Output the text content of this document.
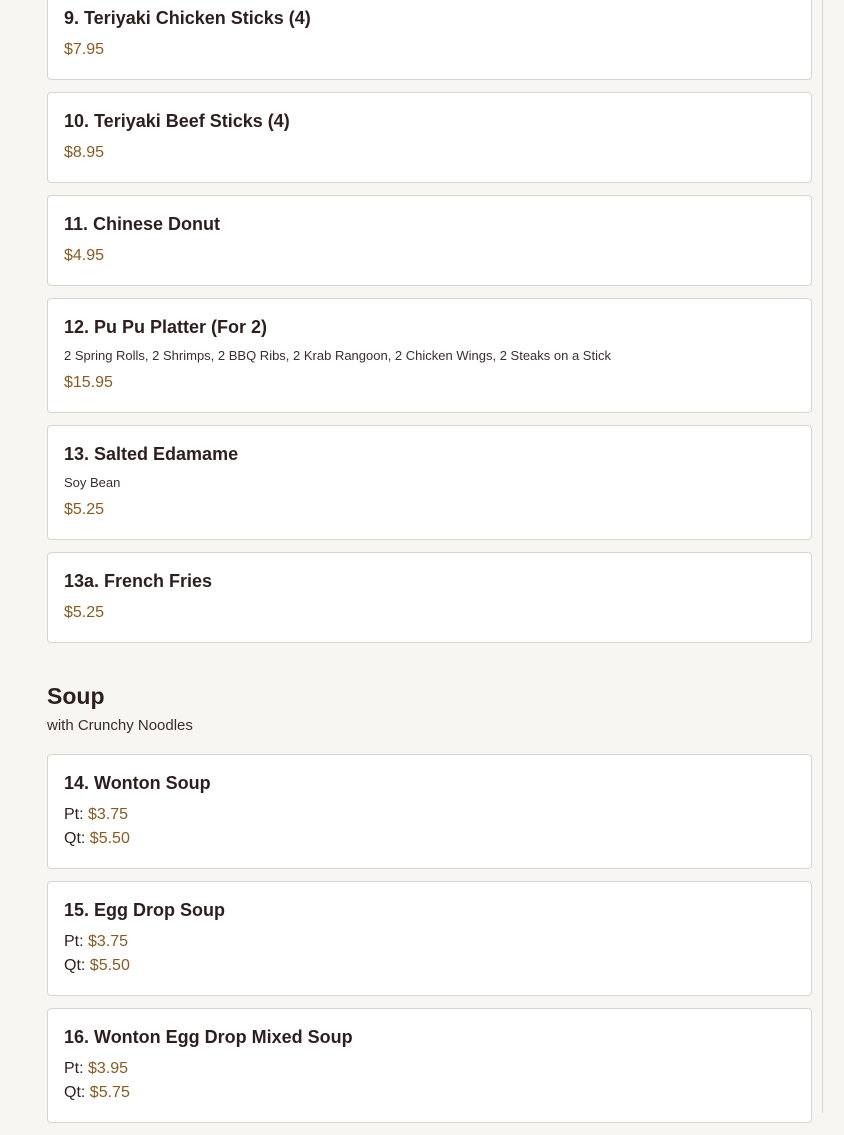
9. Teriyaki Chicken Sticks (4)
$7.95
10. Teriyaki Beef Sticks (4)
$8.95
11. Chinese Donut
$4.95
12. Pu Pu Platter (For 2)
2 Spring Rolls, 2 Shrimps, 2 BBQ Ribs, 2 Krab Rangoon, 2 Chicken Wings, 2 Steaks on a Stick
$15.95
13. Salted Edamame
Soy Bean
$5.25
13a. French Fries
$5.25
Soup
with Crunchy Noodles
14. Wonton Soup
Pt: $3.75
Qt: $5.50
15. Egg Drop Soup
Pt: $3.75
Qt: $5.50
16. Wonton Egg Drop Mixed Soup
Pt: $3.95
Qt: $5.75
